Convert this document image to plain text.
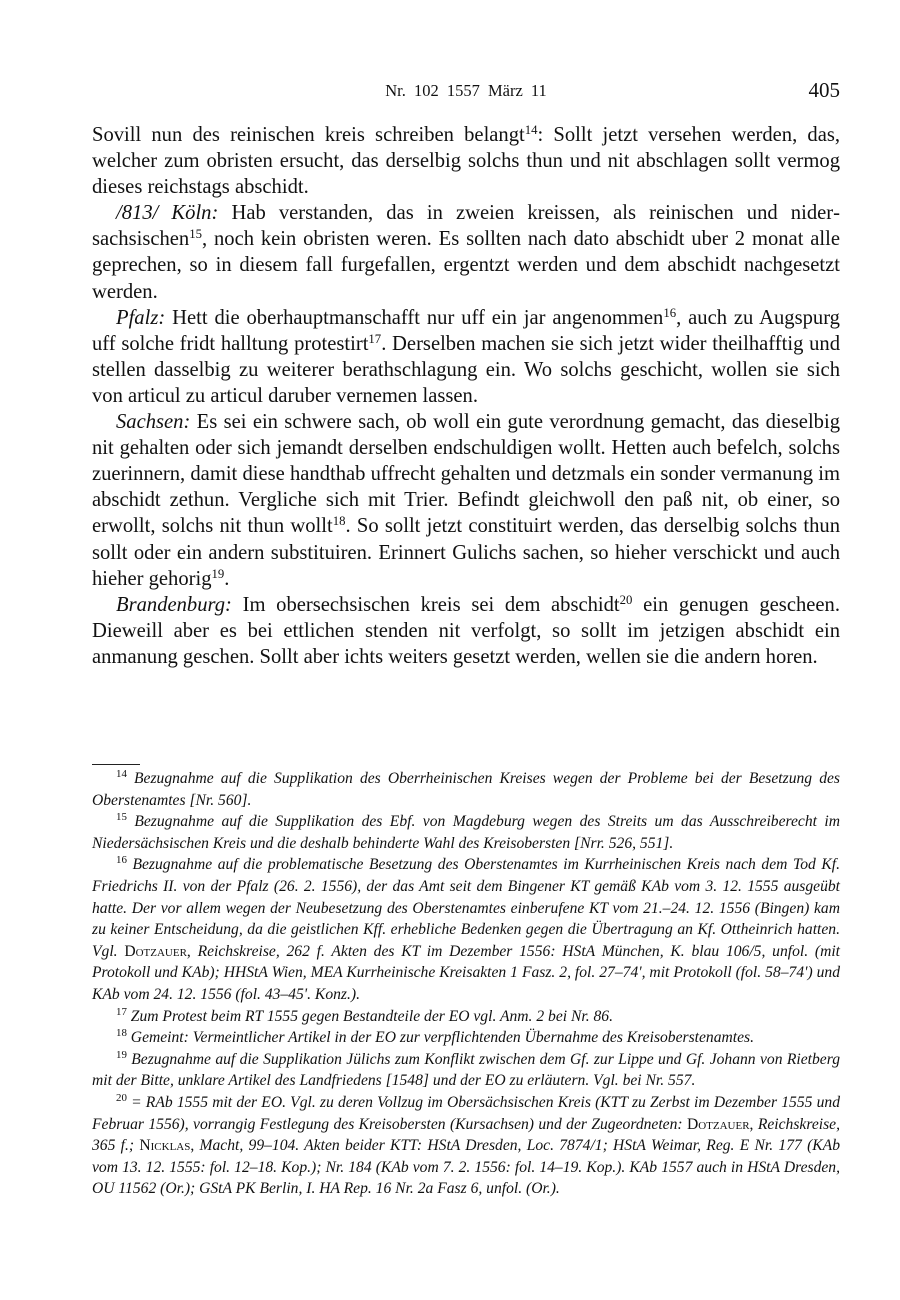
Nr. 102 1557 März 11	405

Sovill nun des reinischen kreis schreiben belangt$^{14}$: Sollt jetzt versehen werden, das, welcher zum obristen ersucht, das derselbig solchs thun und nit abschlagen sollt vermog dieses reichstags abschidt.

/813/ Köln: Hab verstanden, das in zweien kreissen, als reinischen und nidersachsischen$^{15}$, noch kein obristen weren. Es sollten nach dato abschidt uber 2 monat alle geprechen, so in diesem fall furgefallen, ergentzt werden und dem abschidt nachgesetzt werden.

Pfalz: Hett die oberhauptmanschafft nur uff ein jar angenommen$^{16}$, auch zu Augspurg uff solche fridt halltung protestirt$^{17}$. Derselben machen sie sich jetzt wider theilhafftig und stellen dasselbig zu weiterer berathschlagung ein. Wo solchs geschicht, wollen sie sich von articul zu articul daruber vernemen lassen.

Sachsen: Es sei ein schwere sach, ob woll ein gute verordnung gemacht, das dieselbig nit gehalten oder sich jemandt derselben endschuldigen wollt. Hetten auch befelch, solchs zuerinnern, damit diese handthab uffrecht gehalten und detzmals ein sonder vermanung im abschidt zethun. Vergliche sich mit Trier. Befindt gleichwoll den paß nit, ob einer, so erwollt, solchs nit thun wollt$^{18}$. So sollt jetzt constituirt werden, das derselbig solchs thun sollt oder ein andern substituiren. Erinnert Gulichs sachen, so hieher verschickt und auch hieher gehorig$^{19}$.

Brandenburg: Im obersechsischen kreis sei dem abschidt$^{20}$ ein genugen gescheen. Dieweill aber es bei ettlichen stenden nit verfolgt, so sollt im jetzigen abschidt ein anmanung geschen. Sollt aber ichts weiters gesetzt werden, wellen sie die andern horen.

$^{14}$ Bezugnahme auf die Supplikation des Oberrheinischen Kreises wegen der Probleme bei der Besetzung des Oberstenamtes [Nr. 560].

$^{15}$ Bezugnahme auf die Supplikation des Ebf. von Magdeburg wegen des Streits um das Ausschreiberecht im Niedersächsischen Kreis und die deshalb behinderte Wahl des Kreisobersten [Nrr. 526, 551].

$^{16}$ Bezugnahme auf die problematische Besetzung des Oberstenamtes im Kurrheinischen Kreis nach dem Tod Kf. Friedrichs II. von der Pfalz (26. 2. 1556), der das Amt seit dem Bingener KT gemäß KAb vom 3. 12. 1555 ausgeübt hatte. Der vor allem wegen der Neubesetzung des Oberstenamtes einberufene KT vom 21.–24. 12. 1556 (Bingen) kam zu keiner Entscheidung, da die geistlichen Kff. erhebliche Bedenken gegen die Übertragung an Kf. Ottheinrich hatten. Vgl. Dotzauer, Reichskreise, 262 f. Akten des KT im Dezember 1556: HStA München, K. blau 106/5, unfol. (mit Protokoll und KAb); HHStA Wien, MEA Kurrheinische Kreisakten 1 Fasz. 2, fol. 27–74', mit Protokoll (fol. 58–74') und KAb vom 24. 12. 1556 (fol. 43–45'. Konz.).

$^{17}$ Zum Protest beim RT 1555 gegen Bestandteile der EO vgl. Anm. 2 bei Nr. 86.

$^{18}$ Gemeint: Vermeintlicher Artikel in der EO zur verpflichtenden Übernahme des Kreisoberstenamtes.

$^{19}$ Bezugnahme auf die Supplikation Jülichs zum Konflikt zwischen dem Gf. zur Lippe und Gf. Johann von Rietberg mit der Bitte, unklare Artikel des Landfriedens [1548] und der EO zu erläutern. Vgl. bei Nr. 557.

$^{20}$ = RAb 1555 mit der EO. Vgl. zu deren Vollzug im Obersächsischen Kreis (KTT zu Zerbst im Dezember 1555 und Februar 1556), vorrangig Festlegung des Kreisobersten (Kursachsen) und der Zugeordneten: Dotzauer, Reichskreise, 365 f.; Nicklas, Macht, 99–104. Akten beider KTT: HStA Dresden, Loc. 7874/1; HStA Weimar, Reg. E Nr. 177 (KAb vom 13. 12. 1555: fol. 12–18. Kop.); Nr. 184 (KAb vom 7. 2. 1556: fol. 14–19. Kop.). KAb 1557 auch in HStA Dresden, OU 11562 (Or.); GStA PK Berlin, I. HA Rep. 16 Nr. 2a Fasz 6, unfol. (Or.).
